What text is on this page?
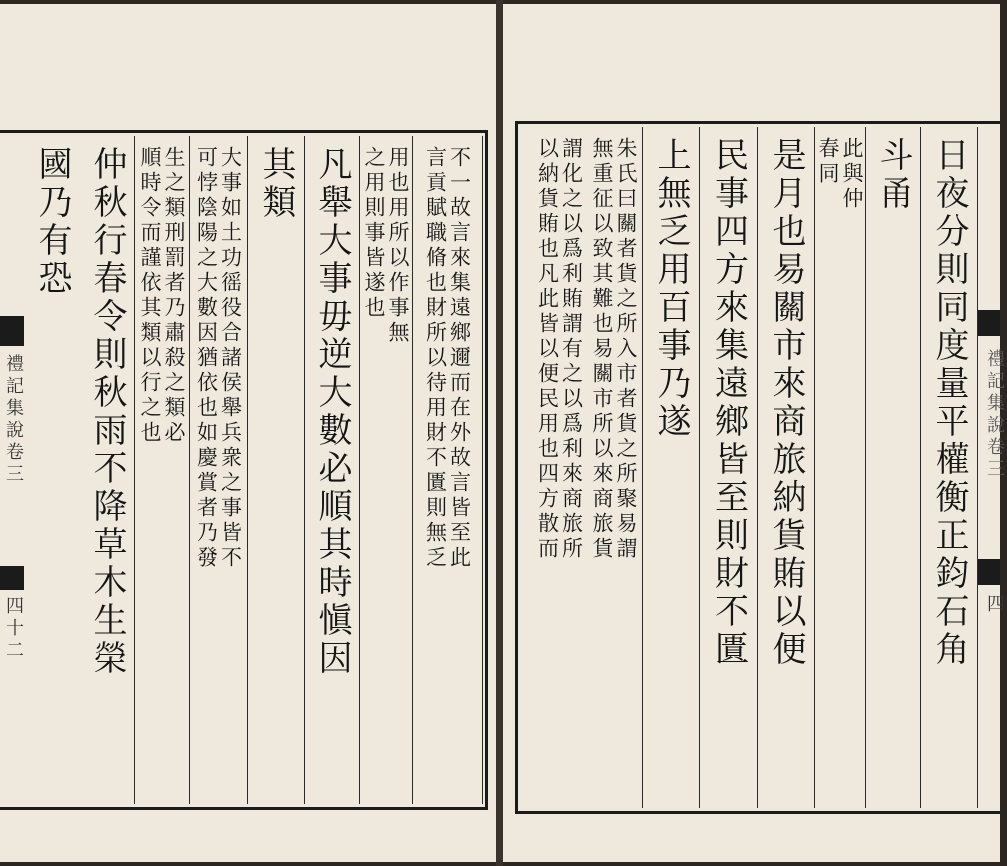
禮記集說卷三
四十二
不一故言來集遠鄉邇而在外故言皆至此
言貢賦職脩也財所以待用財不匱則無乏
用也用所以作事無
之用則事皆遂也
凡舉大事毋逆大數必順其時愼因
其類
大事如土功徭役合諸侯舉兵衆之事皆不
可悖陰陽之大數因猶依也如慶賞者乃發
生之類刑罰者乃肅殺之類必
順時令而謹依其類以行之也
仲秋行春令則秋雨不降草木生榮
國乃有恐
禮記集說卷三
四
日夜分則同度量平權衡正鈞石角
斗甬
此與仲
春同
是月也易關市來商旅納貨賄以便
民事四方來集遠鄉皆至則財不匱
上無乏用百事乃遂
朱氏曰關者貨之所入市者貨之所聚易謂
無重征以致其難也易關市所以來商旅貨
謂化之以爲利賄謂有之以爲利來商旅所
以納貨賄也凡此皆以便民用也四方散而
